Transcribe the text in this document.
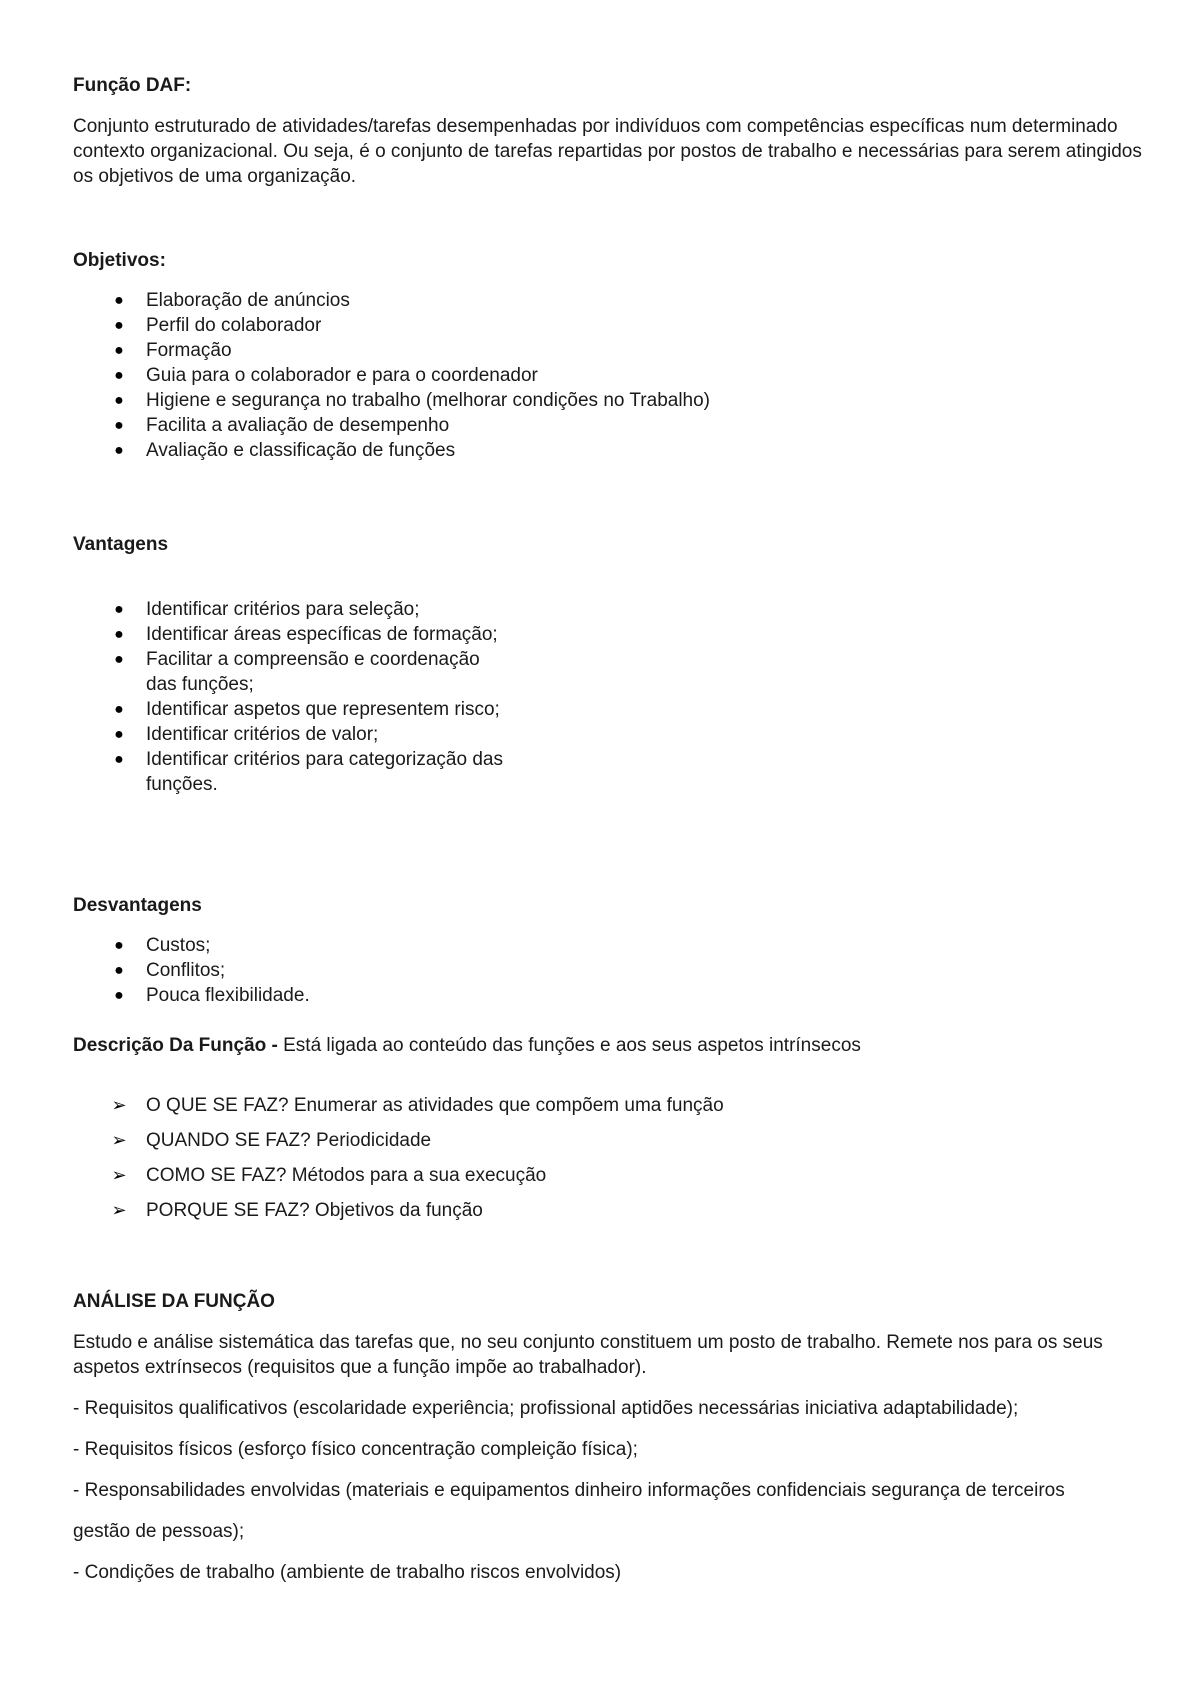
Função DAF:

Conjunto estruturado de atividades/tarefas desempenhadas por indivíduos com competências específicas num determinado contexto organizacional. Ou seja, é o conjunto de tarefas repartidas por postos de trabalho e necessárias para serem atingidos os objetivos de uma organização.

Objetivos:

● Elaboração de anúncios
● Perfil do colaborador
● Formação
● Guia para o colaborador e para o coordenador
● Higiene e segurança no trabalho (melhorar condições no Trabalho)
● Facilita a avaliação de desempenho
● Avaliação e classificação de funções

Vantagens

● Identificar critérios para seleção;
● Identificar áreas específicas de formação;
● Facilitar a compreensão e coordenação das funções;
● Identificar aspetos que representem risco;
● Identificar critérios de valor;
● Identificar critérios para categorização das funções.

Desvantagens

● Custos;
● Conflitos;
● Pouca flexibilidade.

Descrição Da Função - Está ligada ao conteúdo das funções e aos seus aspetos intrínsecos

➢ O QUE SE FAZ? Enumerar as atividades que compõem uma função
➢ QUANDO SE FAZ? Periodicidade
➢ COMO SE FAZ? Métodos para a sua execução
➢ PORQUE SE FAZ? Objetivos da função

ANÁLISE DA FUNÇÃO

Estudo e análise sistemática das tarefas que, no seu conjunto constituem um posto de trabalho. Remete nos para os seus aspetos extrínsecos (requisitos que a função impõe ao trabalhador).

- Requisitos qualificativos (escolaridade experiência; profissional aptidões necessárias iniciativa adaptabilidade);

- Requisitos físicos (esforço físico concentração compleição física);

- Responsabilidades envolvidas (materiais e equipamentos dinheiro informações confidenciais segurança de terceiros

gestão de pessoas);

- Condições de trabalho (ambiente de trabalho riscos envolvidos)
